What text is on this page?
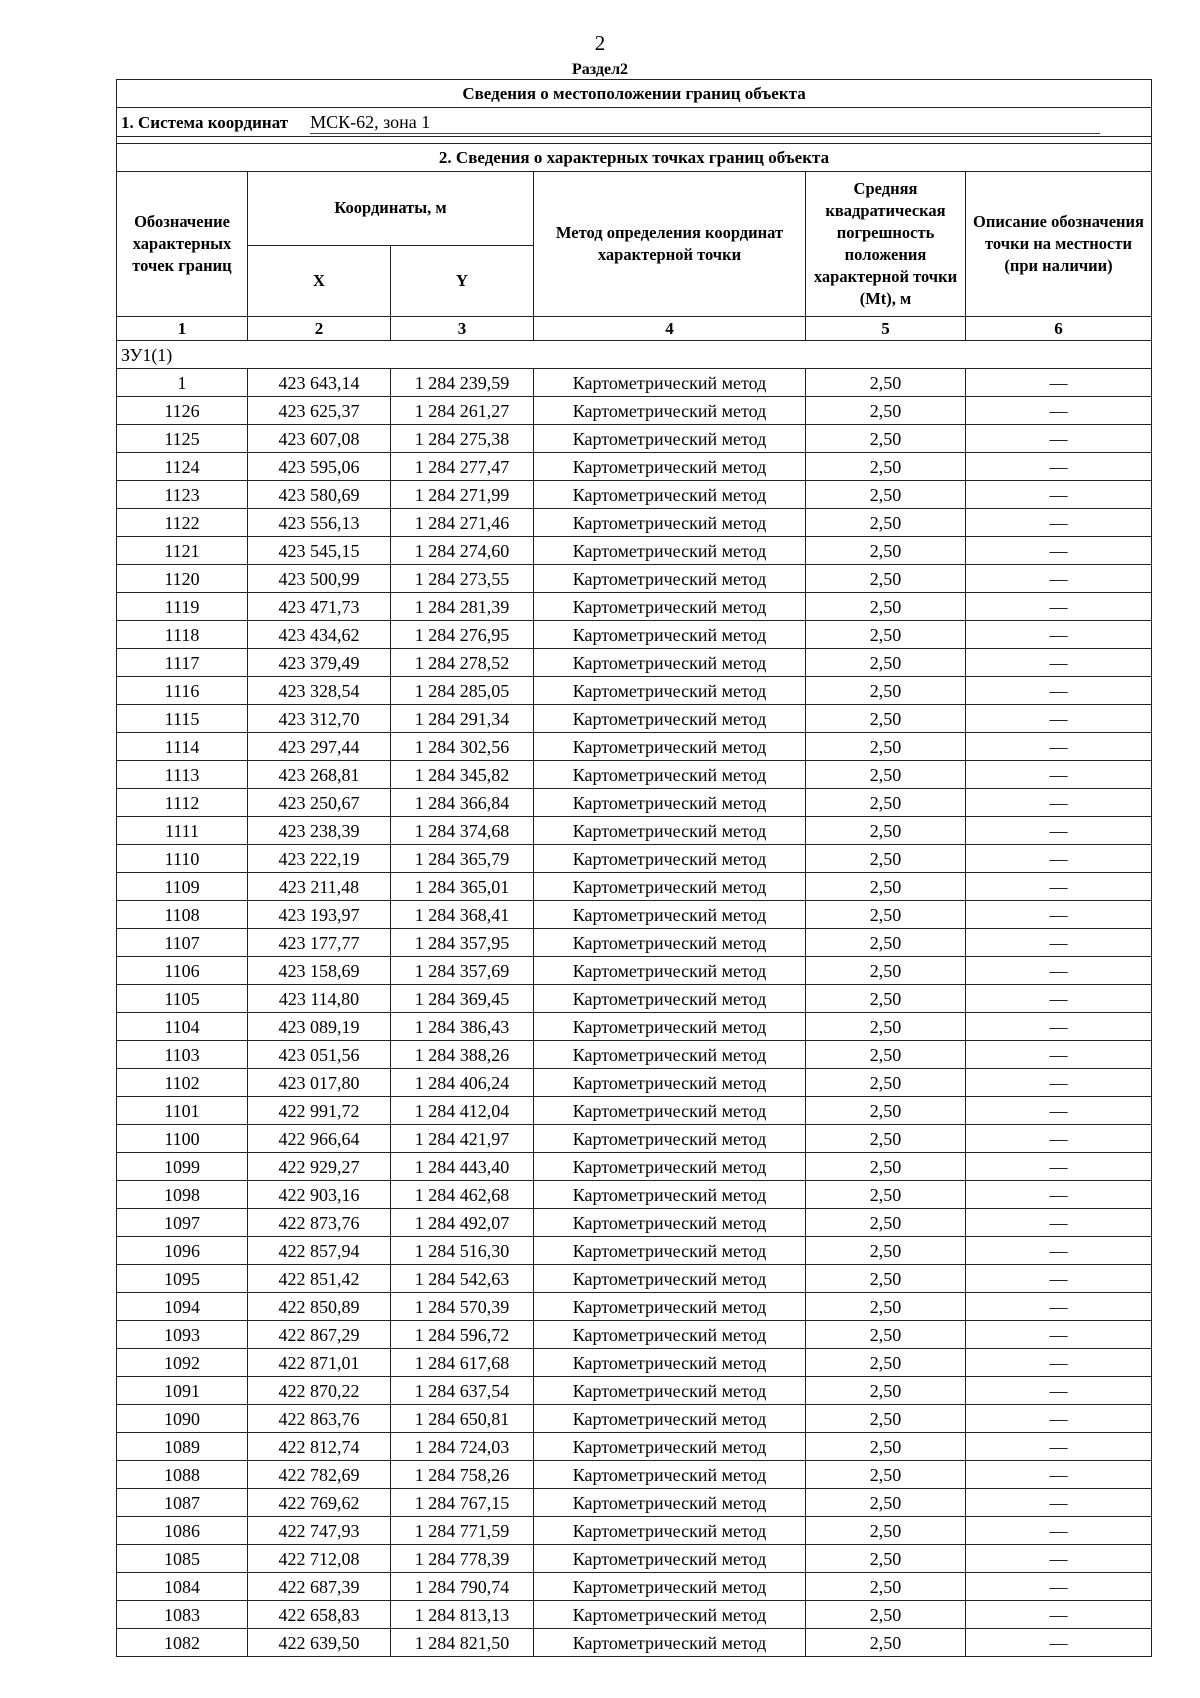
2
Раздел2
Сведения о местоположении границ объекта					
1. Система координат МСК-62, зона 1					

2. Сведения о характерных точках границ объекта					
Обозначение характерных точек границ	Координаты, м		Метод определения координат характерной точки	Средняя квадратическая погрешность положения характерной точки (Mt), м	Описание обозначения точки на местности (при наличии)
	X	Y			
1	2	3	4	5	6
ЗУ1(1)					
1	423 643,14	1 284 239,59	Картометрический метод	2,50	—
1126	423 625,37	1 284 261,27	Картометрический метод	2,50	—
1125	423 607,08	1 284 275,38	Картометрический метод	2,50	—
1124	423 595,06	1 284 277,47	Картометрический метод	2,50	—
1123	423 580,69	1 284 271,99	Картометрический метод	2,50	—
1122	423 556,13	1 284 271,46	Картометрический метод	2,50	—
1121	423 545,15	1 284 274,60	Картометрический метод	2,50	—
1120	423 500,99	1 284 273,55	Картометрический метод	2,50	—
1119	423 471,73	1 284 281,39	Картометрический метод	2,50	—
1118	423 434,62	1 284 276,95	Картометрический метод	2,50	—
1117	423 379,49	1 284 278,52	Картометрический метод	2,50	—
1116	423 328,54	1 284 285,05	Картометрический метод	2,50	—
1115	423 312,70	1 284 291,34	Картометрический метод	2,50	—
1114	423 297,44	1 284 302,56	Картометрический метод	2,50	—
1113	423 268,81	1 284 345,82	Картометрический метод	2,50	—
1112	423 250,67	1 284 366,84	Картометрический метод	2,50	—
1111	423 238,39	1 284 374,68	Картометрический метод	2,50	—
1110	423 222,19	1 284 365,79	Картометрический метод	2,50	—
1109	423 211,48	1 284 365,01	Картометрический метод	2,50	—
1108	423 193,97	1 284 368,41	Картометрический метод	2,50	—
1107	423 177,77	1 284 357,95	Картометрический метод	2,50	—
1106	423 158,69	1 284 357,69	Картометрический метод	2,50	—
1105	423 114,80	1 284 369,45	Картометрический метод	2,50	—
1104	423 089,19	1 284 386,43	Картометрический метод	2,50	—
1103	423 051,56	1 284 388,26	Картометрический метод	2,50	—
1102	423 017,80	1 284 406,24	Картометрический метод	2,50	—
1101	422 991,72	1 284 412,04	Картометрический метод	2,50	—
1100	422 966,64	1 284 421,97	Картометрический метод	2,50	—
1099	422 929,27	1 284 443,40	Картометрический метод	2,50	—
1098	422 903,16	1 284 462,68	Картометрический метод	2,50	—
1097	422 873,76	1 284 492,07	Картометрический метод	2,50	—
1096	422 857,94	1 284 516,30	Картометрический метод	2,50	—
1095	422 851,42	1 284 542,63	Картометрический метод	2,50	—
1094	422 850,89	1 284 570,39	Картометрический метод	2,50	—
1093	422 867,29	1 284 596,72	Картометрический метод	2,50	—
1092	422 871,01	1 284 617,68	Картометрический метод	2,50	—
1091	422 870,22	1 284 637,54	Картометрический метод	2,50	—
1090	422 863,76	1 284 650,81	Картометрический метод	2,50	—
1089	422 812,74	1 284 724,03	Картометрический метод	2,50	—
1088	422 782,69	1 284 758,26	Картометрический метод	2,50	—
1087	422 769,62	1 284 767,15	Картометрический метод	2,50	—
1086	422 747,93	1 284 771,59	Картометрический метод	2,50	—
1085	422 712,08	1 284 778,39	Картометрический метод	2,50	—
1084	422 687,39	1 284 790,74	Картометрический метод	2,50	—
1083	422 658,83	1 284 813,13	Картометрический метод	2,50	—
1082	422 639,50	1 284 821,50	Картометрический метод	2,50	—
